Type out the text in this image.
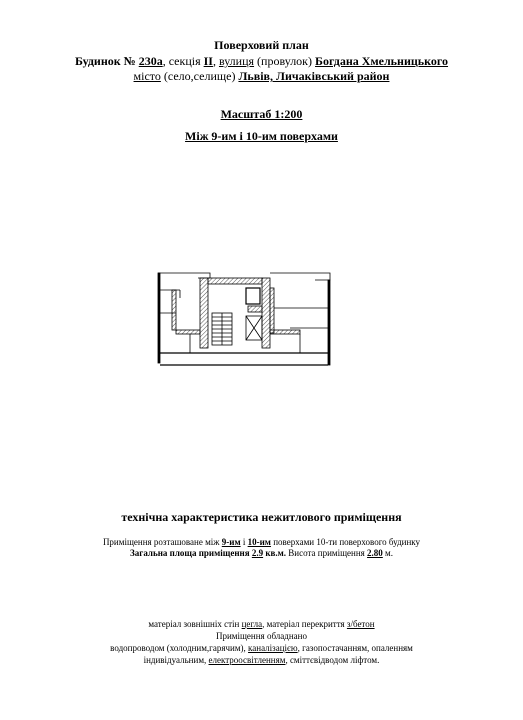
Поверховий план
Будинок № 230а, секція ІІ, вулиця (провулок) Богдана Хмельницького
місто (село,селище) Львів, Личаківський район
Масштаб 1:200
Між 9-им і 10-им поверхами
технічна характеристика нежитлового приміщення
Приміщення розташоване між 9-им і 10-им поверхами 10-ти поверхового будинку
Загальна площа приміщення 2.9 кв.м. Висота приміщення 2.80 м.
матеріал зовнішніх стін цегла, матеріал перекриття з/бетон
Приміщення обладнано
водопроводом (холодним,гарячим), каналізацією, газопостачанням, опаленням
індивідуальним, електроосвітленням, сміттєвідводом ліфтом.
